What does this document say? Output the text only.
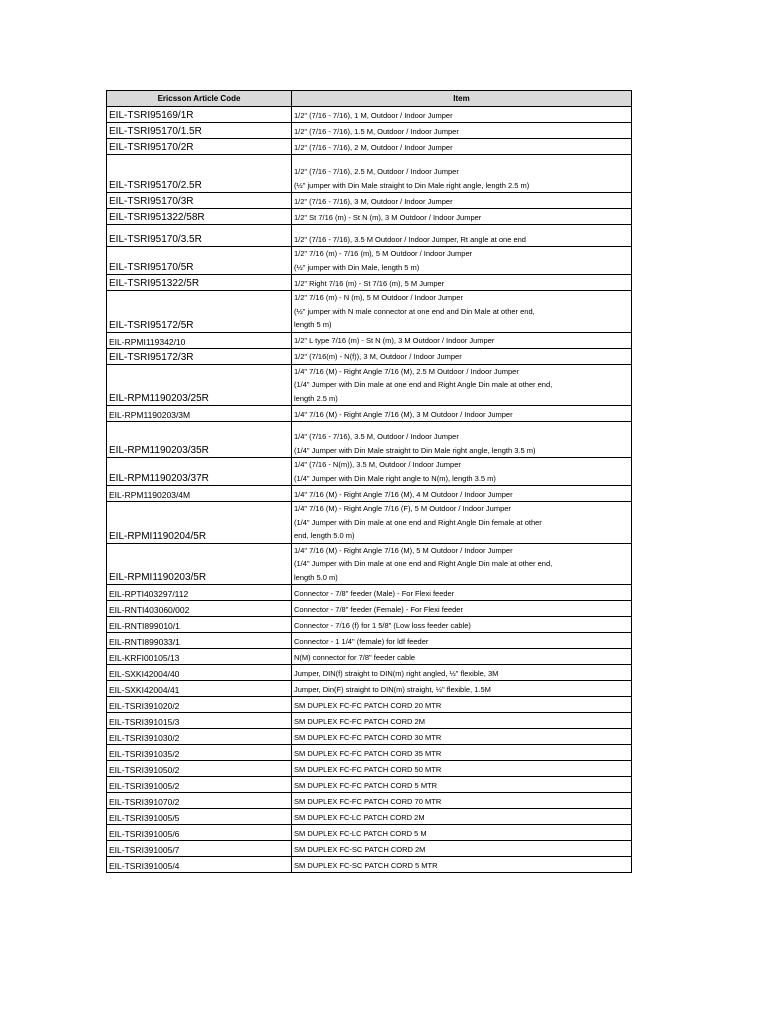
Ericsson Article Code	Item
EIL-TSRI95169/1R	1/2" (7/16 - 7/16), 1 M, Outdoor / Indoor Jumper

EIL-TSRI95170/1.5R	1/2" (7/16 - 7/16), 1.5 M, Outdoor / Indoor Jumper

EIL-TSRI95170/2R	1/2" (7/16 - 7/16), 2 M, Outdoor / Indoor Jumper

EIL-TSRI95170/2.5R	1/2" (7/16 - 7/16), 2.5 M, Outdoor / Indoor Jumper
(½" jumper with Din Male straight to Din Male right angle, length 2.5 m)

EIL-TSRI95170/3R	1/2" (7/16 - 7/16), 3 M, Outdoor / Indoor Jumper

EIL-TSRI951322/58R	1/2" St 7/16 (m) - St N (m), 3 M Outdoor / Indoor Jumper

EIL-TSRI95170/3.5R	1/2" (7/16 - 7/16), 3.5 M Outdoor / Indoor Jumper, Rt angle at one end

EIL-TSRI95170/5R	1/2" 7/16 (m) - 7/16 (m), 5 M Outdoor / Indoor Jumper
(½" jumper with Din Male, length 5 m)

EIL-TSRI951322/5R	1/2" Right 7/16 (m) - St 7/16 (m), 5 M Jumper

EIL-TSRI95172/5R	1/2" 7/16 (m) - N (m), 5 M Outdoor / Indoor Jumper
(½" jumper with N male connector at one end and Din Male at other end,
length 5 m)

EIL-RPMI119342/10	1/2" L type 7/16 (m) - St N (m), 3 M Outdoor / Indoor Jumper

EIL-TSRI95172/3R	1/2" (7/16(m) - N(f)), 3 M, Outdoor / Indoor Jumper

EIL-RPM1190203/25R	1/4" 7/16 (M) - Right Angle 7/16 (M), 2.5 M Outdoor / Indoor Jumper
(1/4" Jumper with Din male at one end and Right Angle Din male at other end,
length 2.5 m)

EIL-RPM1190203/3M	1/4" 7/16 (M) - Right Angle 7/16 (M), 3 M Outdoor / Indoor Jumper

EIL-RPM1190203/35R	1/4" (7/16 - 7/16), 3.5 M, Outdoor / Indoor Jumper
(1/4" Jumper with Din Male straight to Din Male right angle, length 3.5 m)

EIL-RPM1190203/37R	1/4" (7/16 - N(m)), 3.5 M, Outdoor / Indoor Jumper
(1/4" Jumper with Din Male right angle to N(m), length 3.5 m)

EIL-RPM1190203/4M	1/4" 7/16 (M) - Right Angle 7/16 (M), 4 M Outdoor / Indoor Jumper

EIL-RPMI1190204/5R	1/4" 7/16 (M) - Right Angle 7/16 (F), 5 M Outdoor / Indoor Jumper
(1/4" Jumper with Din male at one end and Right Angle Din female at other
end, length 5.0 m)

EIL-RPMI1190203/5R	1/4" 7/16 (M) - Right Angle 7/16 (M), 5 M Outdoor / Indoor Jumper
(1/4" Jumper with Din male at one end and Right Angle Din male at other end,
length 5.0 m)

EIL-RPTI403297/112	Connector - 7/8" feeder (Male) - For Flexi feeder

EIL-RNTI403060/002	Connector - 7/8" feeder (Female) - For Flexi feeder

EIL-RNTI899010/1	Connector - 7/16 (f) for 1 5/8" (Low loss feeder cable)

EIL-RNTI899033/1	Connector - 1 1/4" (female) for ldf feeder

EIL-KRFI00105/13	N(M) connector for 7/8" feeder cable

EIL-SXKI42004/40	Jumper, DIN(f) straight to DIN(m) right angled, ½" flexible, 3M

EIL-SXKI42004/41	Jumper, Din(F) straight to DIN(m) straight, ½" flexible, 1.5M

EIL-TSRI391020/2	SM DUPLEX FC-FC PATCH CORD 20 MTR

EIL-TSRI391015/3	SM DUPLEX FC-FC PATCH CORD 2M

EIL-TSRI391030/2	SM DUPLEX FC-FC PATCH CORD 30 MTR

EIL-TSRI391035/2	SM DUPLEX FC-FC PATCH CORD 35 MTR

EIL-TSRI391050/2	SM DUPLEX FC-FC PATCH CORD 50 MTR

EIL-TSRI391005/2	SM DUPLEX FC-FC PATCH CORD 5 MTR

EIL-TSRI391070/2	SM DUPLEX FC-FC PATCH CORD 70 MTR

EIL-TSRI391005/5	SM DUPLEX FC-LC PATCH CORD 2M

EIL-TSRI391005/6	SM DUPLEX FC-LC PATCH CORD 5 M

EIL-TSRI391005/7	SM DUPLEX FC-SC PATCH CORD 2M

EIL-TSRI391005/4	SM DUPLEX FC-SC PATCH CORD 5 MTR
